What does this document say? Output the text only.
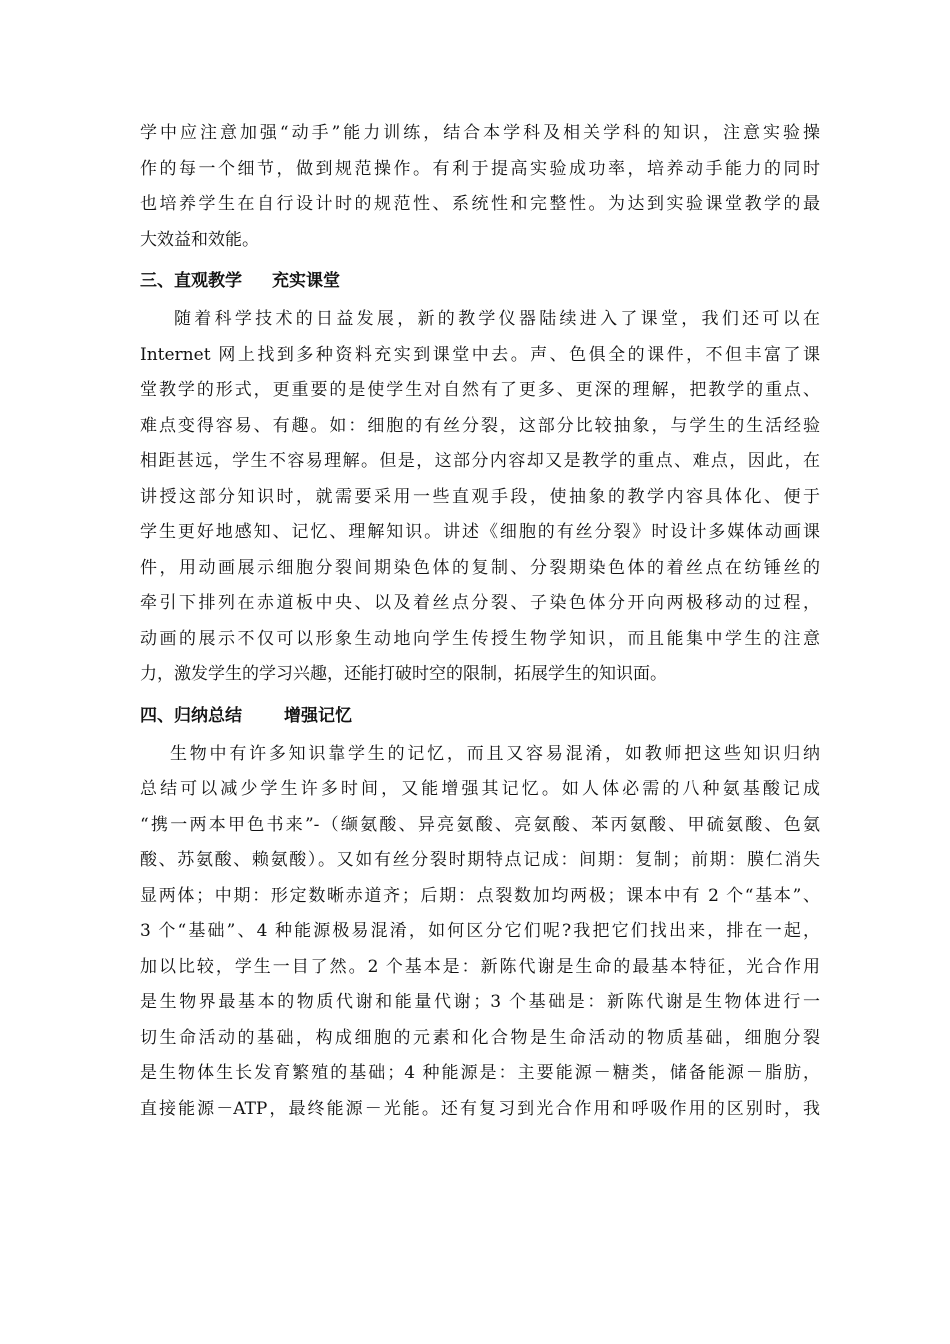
学中应注意加强“动手”能力训练，结合本学科及相关学科的知识，注意实验操
作的每一个细节，做到规范操作。有利于提高实验成功率，培养动手能力的同时
也培养学生在自行设计时的规范性、系统性和完整性。为达到实验课堂教学的最
大效益和效能。
三、直观教学 充实课堂
随着科学技术的日益发展，新的教学仪器陆续进入了课堂，我们还可以在
Internet 网上找到多种资料充实到课堂中去。声、色俱全的课件，不但丰富了课
堂教学的形式，更重要的是使学生对自然有了更多、更深的理解，把教学的重点、
难点变得容易、有趣。如：细胞的有丝分裂，这部分比较抽象，与学生的生活经验
相距甚远，学生不容易理解。但是，这部分内容却又是教学的重点、难点，因此，在
讲授这部分知识时，就需要采用一些直观手段，使抽象的教学内容具体化、便于
学生更好地感知、记忆、理解知识。讲述《细胞的有丝分裂》时设计多媒体动画课
件，用动画展示细胞分裂间期染色体的复制、分裂期染色体的着丝点在纺锤丝的
牵引下排列在赤道板中央、以及着丝点分裂、子染色体分开向两极移动的过程，
动画的展示不仅可以形象生动地向学生传授生物学知识，而且能集中学生的注意
力，激发学生的学习兴趣，还能打破时空的限制，拓展学生的知识面。
四、归纳总结 增强记忆
生物中有许多知识靠学生的记忆，而且又容易混淆，如教师把这些知识归纳
总结可以减少学生许多时间，又能增强其记忆。如人体必需的八种氨基酸记成
“携一两本甲色书来”-（缬氨酸、异亮氨酸、亮氨酸、苯丙氨酸、甲硫氨酸、色氨
酸、苏氨酸、赖氨酸）。又如有丝分裂时期特点记成：间期：复制；前期：膜仁消失
显两体；中期：形定数晰赤道齐；后期：点裂数加均两极；课本中有 2 个“基本”、
3 个“基础”、4 种能源极易混淆，如何区分它们呢?我把它们找出来，排在一起，
加以比较，学生一目了然。2 个基本是：新陈代谢是生命的最基本特征，光合作用
是生物界最基本的物质代谢和能量代谢；3 个基础是：新陈代谢是生物体进行一
切生命活动的基础，构成细胞的元素和化合物是生命活动的物质基础，细胞分裂
是生物体生长发育繁殖的基础；4 种能源是：主要能源－糖类，储备能源－脂肪，
直接能源－ATP，最终能源－光能。还有复习到光合作用和呼吸作用的区别时，我
